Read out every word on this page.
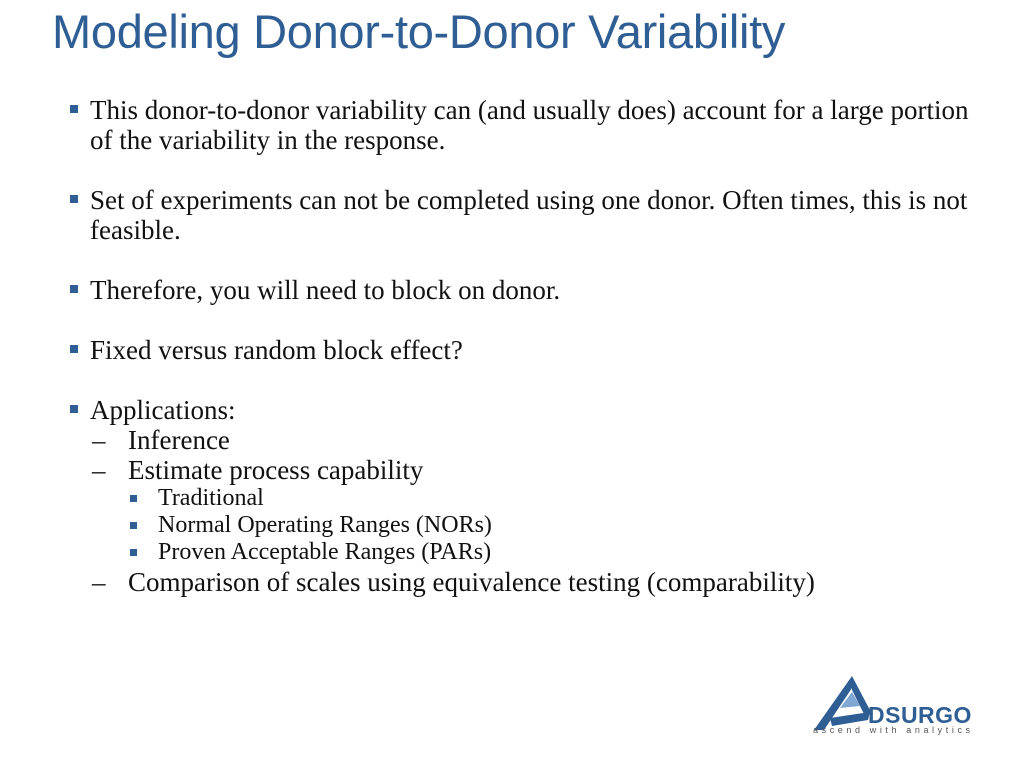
Modeling Donor-to-Donor Variability
This donor-to-donor variability can (and usually does) account for a large portion of the variability in the response.
Set of experiments can not be completed using one donor. Often times, this is not feasible.
Therefore, you will need to block on donor.
Fixed versus random block effect?
Applications:
– Inference
– Estimate process capability
Traditional
Normal Operating Ranges (NORs)
Proven Acceptable Ranges (PARs)
– Comparison of scales using equivalence testing (comparability)
DSURGO
ascend with analytics
